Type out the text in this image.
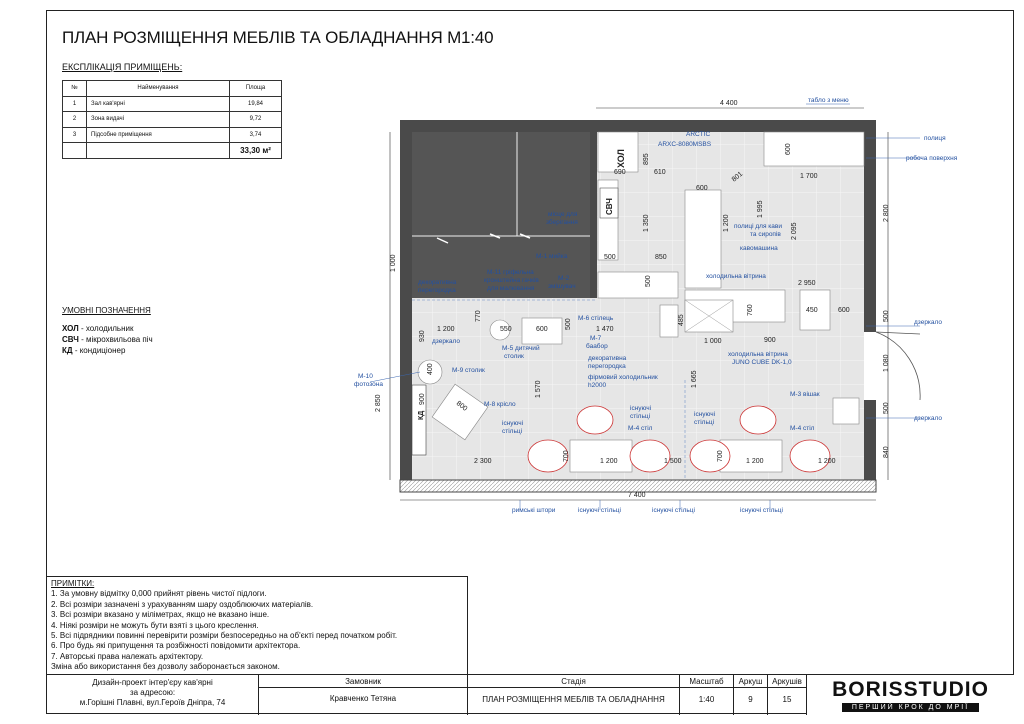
ПЛАН РОЗМІЩЕННЯ МЕБЛІВ ТА ОБЛАДНАННЯ М1:40
ЕКСПЛІКАЦІЯ ПРИМІЩЕНЬ:
№	Найменування	Площа
1	Зал кав'ярні	19,84
2	Зона видачі	9,72
3	Підсобне приміщення	3,74
		33,30 м²
УМОВНІ ПОЗНАЧЕННЯ
ХОЛ - холодильник
СВЧ - мікрохвильова піч
КД - кондиціонер
4 400
7 400
2 800
500
1 080
500
840
1 000
2 850
895
690	610
600
801	1 700
600
1 995
2 095
1 350	1 200
500	850
500	2 950
450	600
760
900
1 000
485
1 200	550	600	1 470
770
930
500
400
900
800
1 570
1 665
2 300	700	1 200	1 500	700	1 200	1 200
ХОЛ
СВЧ
КД
ARCTIC
ARXC-8080MSBS
табло з меню
полиця
робоча поверхня
полиці для кави
та сиропів
кавомашина
холодильна вітрина
місце для
зберігання
М-1 мийка
М-2
змішувач
М-11 гріфельна
кронштейна гачків
для малювання
декоративна
перегородка
дзеркало
дзеркало
дзеркало
М-5 дитячий
столик
М-6 стілець
М-7
баабор
декоративна
перегородка
фірмовий холодильник
h2000
холодильна вітрина
JUNO CUBE DK-1,0
М-3 вішак
М-10
фотозона
М-9 столик
М-8 крісло
існуючі
стільці
існуючі
стільці	існуючі
стільці
М-4 стіл	М-4 стіл
римські штори	існуючі стільці	існуючі стільці	існуючі стільці
ПРИМІТКИ:
1. За умовну відмітку 0,000 прийнят рівень чистої підлоги.
2. Всі розміри зазначені з урахуванням шару оздоблюючих матеріалів.
3. Всі розміри вказано у міліметрах, якщо не вказано інше.
4. Ніякі розміри не можуть бути взяті з цього креслення.
5. Всі підрядники повинні перевірити розміри безпосередньо на об'єкті перед початком робіт.
6. Про будь які припущення та розбіжності повідомити архітектора.
7. Авторські права належать архітектору.
Зміна або використання без дозволу заборонається законом.
Дизайн-проект інтер'єру кав'ярні
за адресою:
м.Горішні Плавні, вул.Героїв Дніпра, 74
Замовник
Кравченко Тетяна
Стадія
ПЛАН РОЗМІЩЕННЯ МЕБЛІВ ТА ОБЛАДНАННЯ
Масштаб
1:40
Аркуш
9
Аркушів
15	BORISSTUDIO
ПЕРШИЙ КРОК ДО МРІЇ
